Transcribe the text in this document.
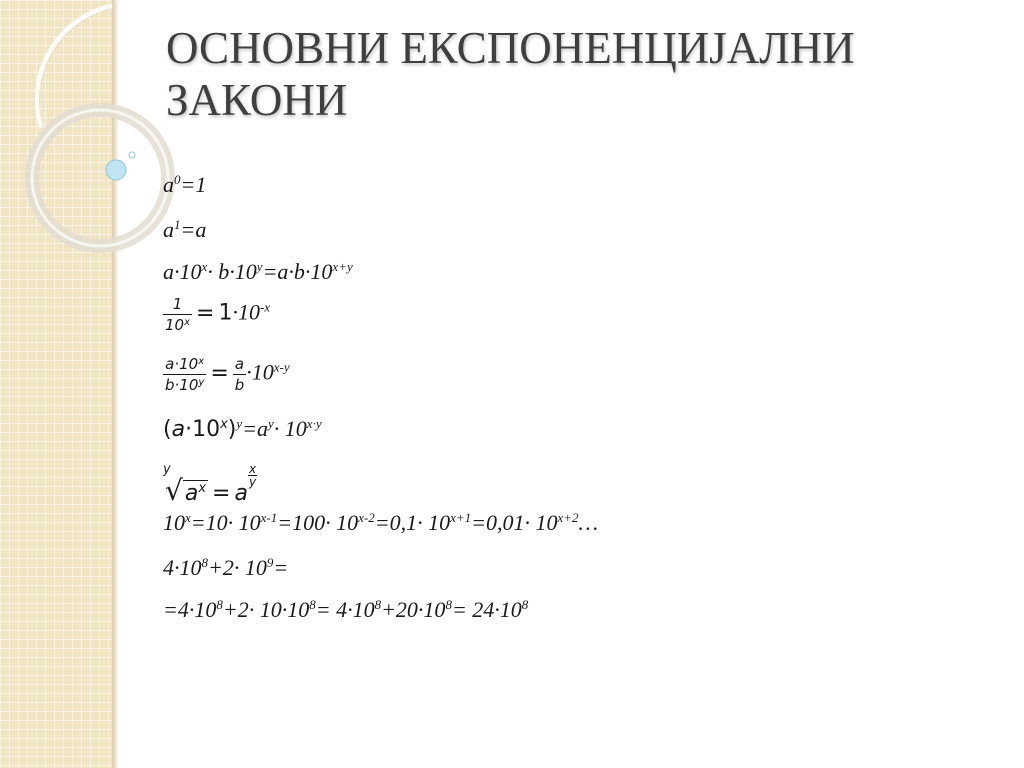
ОСНОВНИ ЕКСПОНЕНЦИЈАЛНИ ЗАКОНИ
$a^0=1$
$a^1=a$
$a\cdot 10^x\cdot b\cdot 10^y=a\cdot b\cdot 10^{x+y}$
$\frac{1}{10^x} = 1\cdot 10^{-x}$
$\frac{a\cdot 10^x}{b\cdot 10^y} = \frac{a}{b} \cdot 10^{x-y}$
$(a\cdot 10^x)^y=a^y\cdot 10^{x\cdot y}$
y
$√a^x = a$
$\frac{x}{y}$
$10^x=10\cdot 10^{x-1}=100\cdot 10^{x-2}=0,1\cdot 10^{x+1}=0,01\cdot$ $10^{x+2}\dots$
$4\cdot 10^8+2\cdot 10^9=$
$=4\cdot 10^8+2\cdot 10\cdot 10^8= 4\cdot 10^8+20\cdot 10^8= 24\cdot 10^8$
